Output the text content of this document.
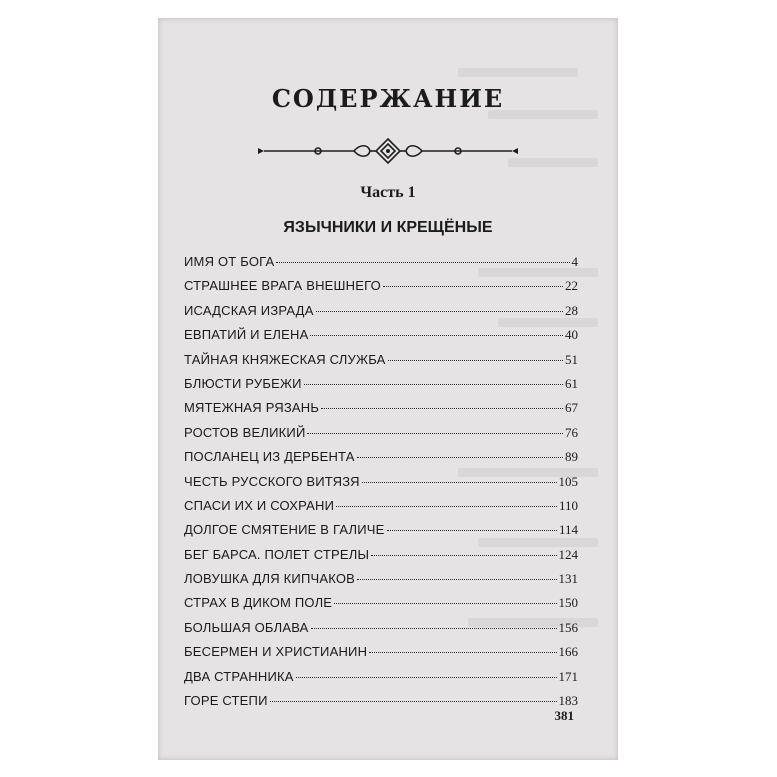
СОДЕРЖАНИЕ
Часть 1
ЯЗЫЧНИКИ И КРЕЩЁНЫЕ
ИМЯ ОТ БОГА	4
СТРАШНЕЕ ВРАГА ВНЕШНЕГО	22
ИСАДСКАЯ ИЗРАДА	28
ЕВПАТИЙ И ЕЛЕНА	40
ТАЙНАЯ КНЯЖЕСКАЯ СЛУЖБА	51
БЛЮСТИ РУБЕЖИ	61
МЯТЕЖНАЯ РЯЗАНЬ	67
РОСТОВ ВЕЛИКИЙ	76
ПОСЛАНЕЦ ИЗ ДЕРБЕНТА	89
ЧЕСТЬ РУССКОГО ВИТЯЗЯ	105
СПАСИ ИХ И СОХРАНИ	110
ДОЛГОЕ СМЯТЕНИЕ В ГАЛИЧЕ	114
БЕГ БАРСА. ПОЛЕТ СТРЕЛЫ	124
ЛОВУШКА ДЛЯ КИПЧАКОВ	131
СТРАХ В ДИКОМ ПОЛЕ	150
БОЛЬШАЯ ОБЛАВА	156
БЕСЕРМЕН И ХРИСТИАНИН	166
ДВА СТРАННИКА	171
ГОРЕ СТЕПИ	183
381
